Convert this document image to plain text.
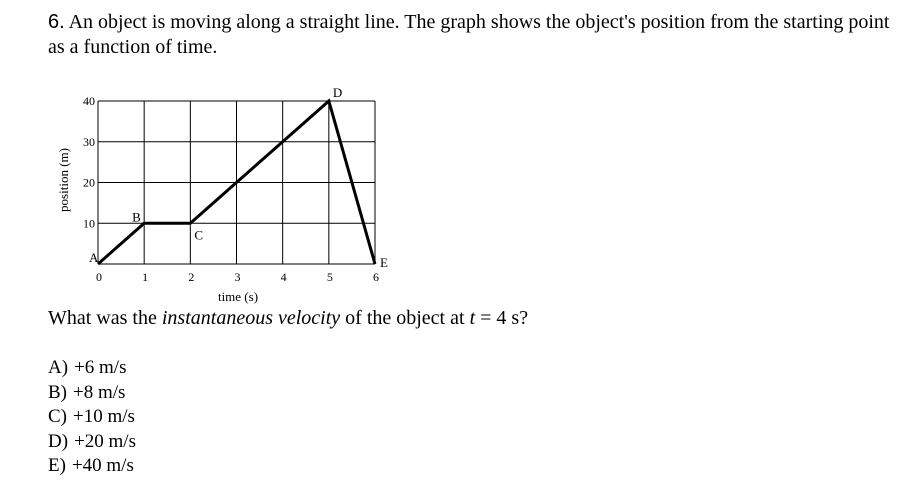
6. An object is moving along a straight line. The graph shows the object's position from the starting point as a function of time.
0	1	2	3	4	5	6
10
20
30
40
A
B
C
D
E
time (s)
position (m)
What was the instantaneous velocity of the object at t = 4 s?
A) +6 m/s
B) +8 m/s
C) +10 m/s
D) +20 m/s
E) +40 m/s
